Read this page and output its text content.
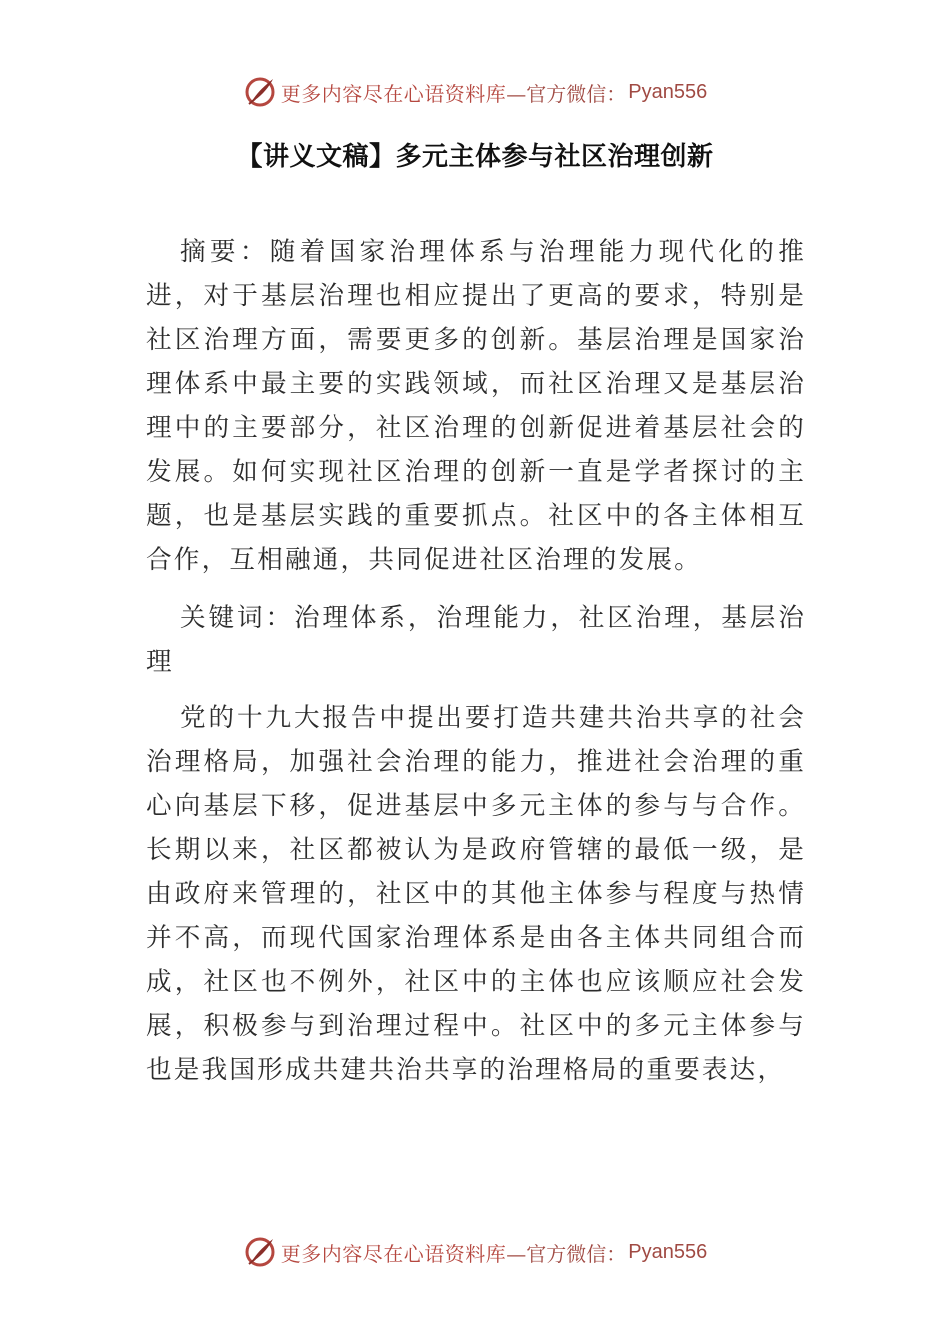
更多内容尽在心语资料库 —官方微信： Pyan556
【讲义文稿】多元主体参与社区治理创新

摘要：随着国家治理体系与治理能力现代化的推进，对于基层治理也相应提出了更高的要求，特别是社区治理方面，需要更多的创新。基层治理是国家治理体系中最主要的实践领域，而社区治理又是基层治理中的主要部分，社区治理的创新促进着基层社会的发展。如何实现社区治理的创新一直是学者探讨的主题，也是基层实践的重要抓点。社区中的各主体相互合作，互相融通，共同促进社区治理的发展。

关键词：治理体系，治理能力，社区治理，基层治理

党的十九大报告中提出要打造共建共治共享的社会治理格局，加强社会治理的能力，推进社会治理的重心向基层下移，促进基层中多元主体的参与与合作。长期以来，社区都被认为是政府管辖的最低一级，是由政府来管理的，社区中的其他主体参与程度与热情并不高，而现代国家治理体系是由各主体共同组合而成，社区也不例外，社区中的主体也应该顺应社会发展，积极参与到治理过程中。社区中的多元主体参与也是我国形成共建共治共享的治理格局的重要表达，

更多内容尽在心语资料库 —官方微信： Pyan556
